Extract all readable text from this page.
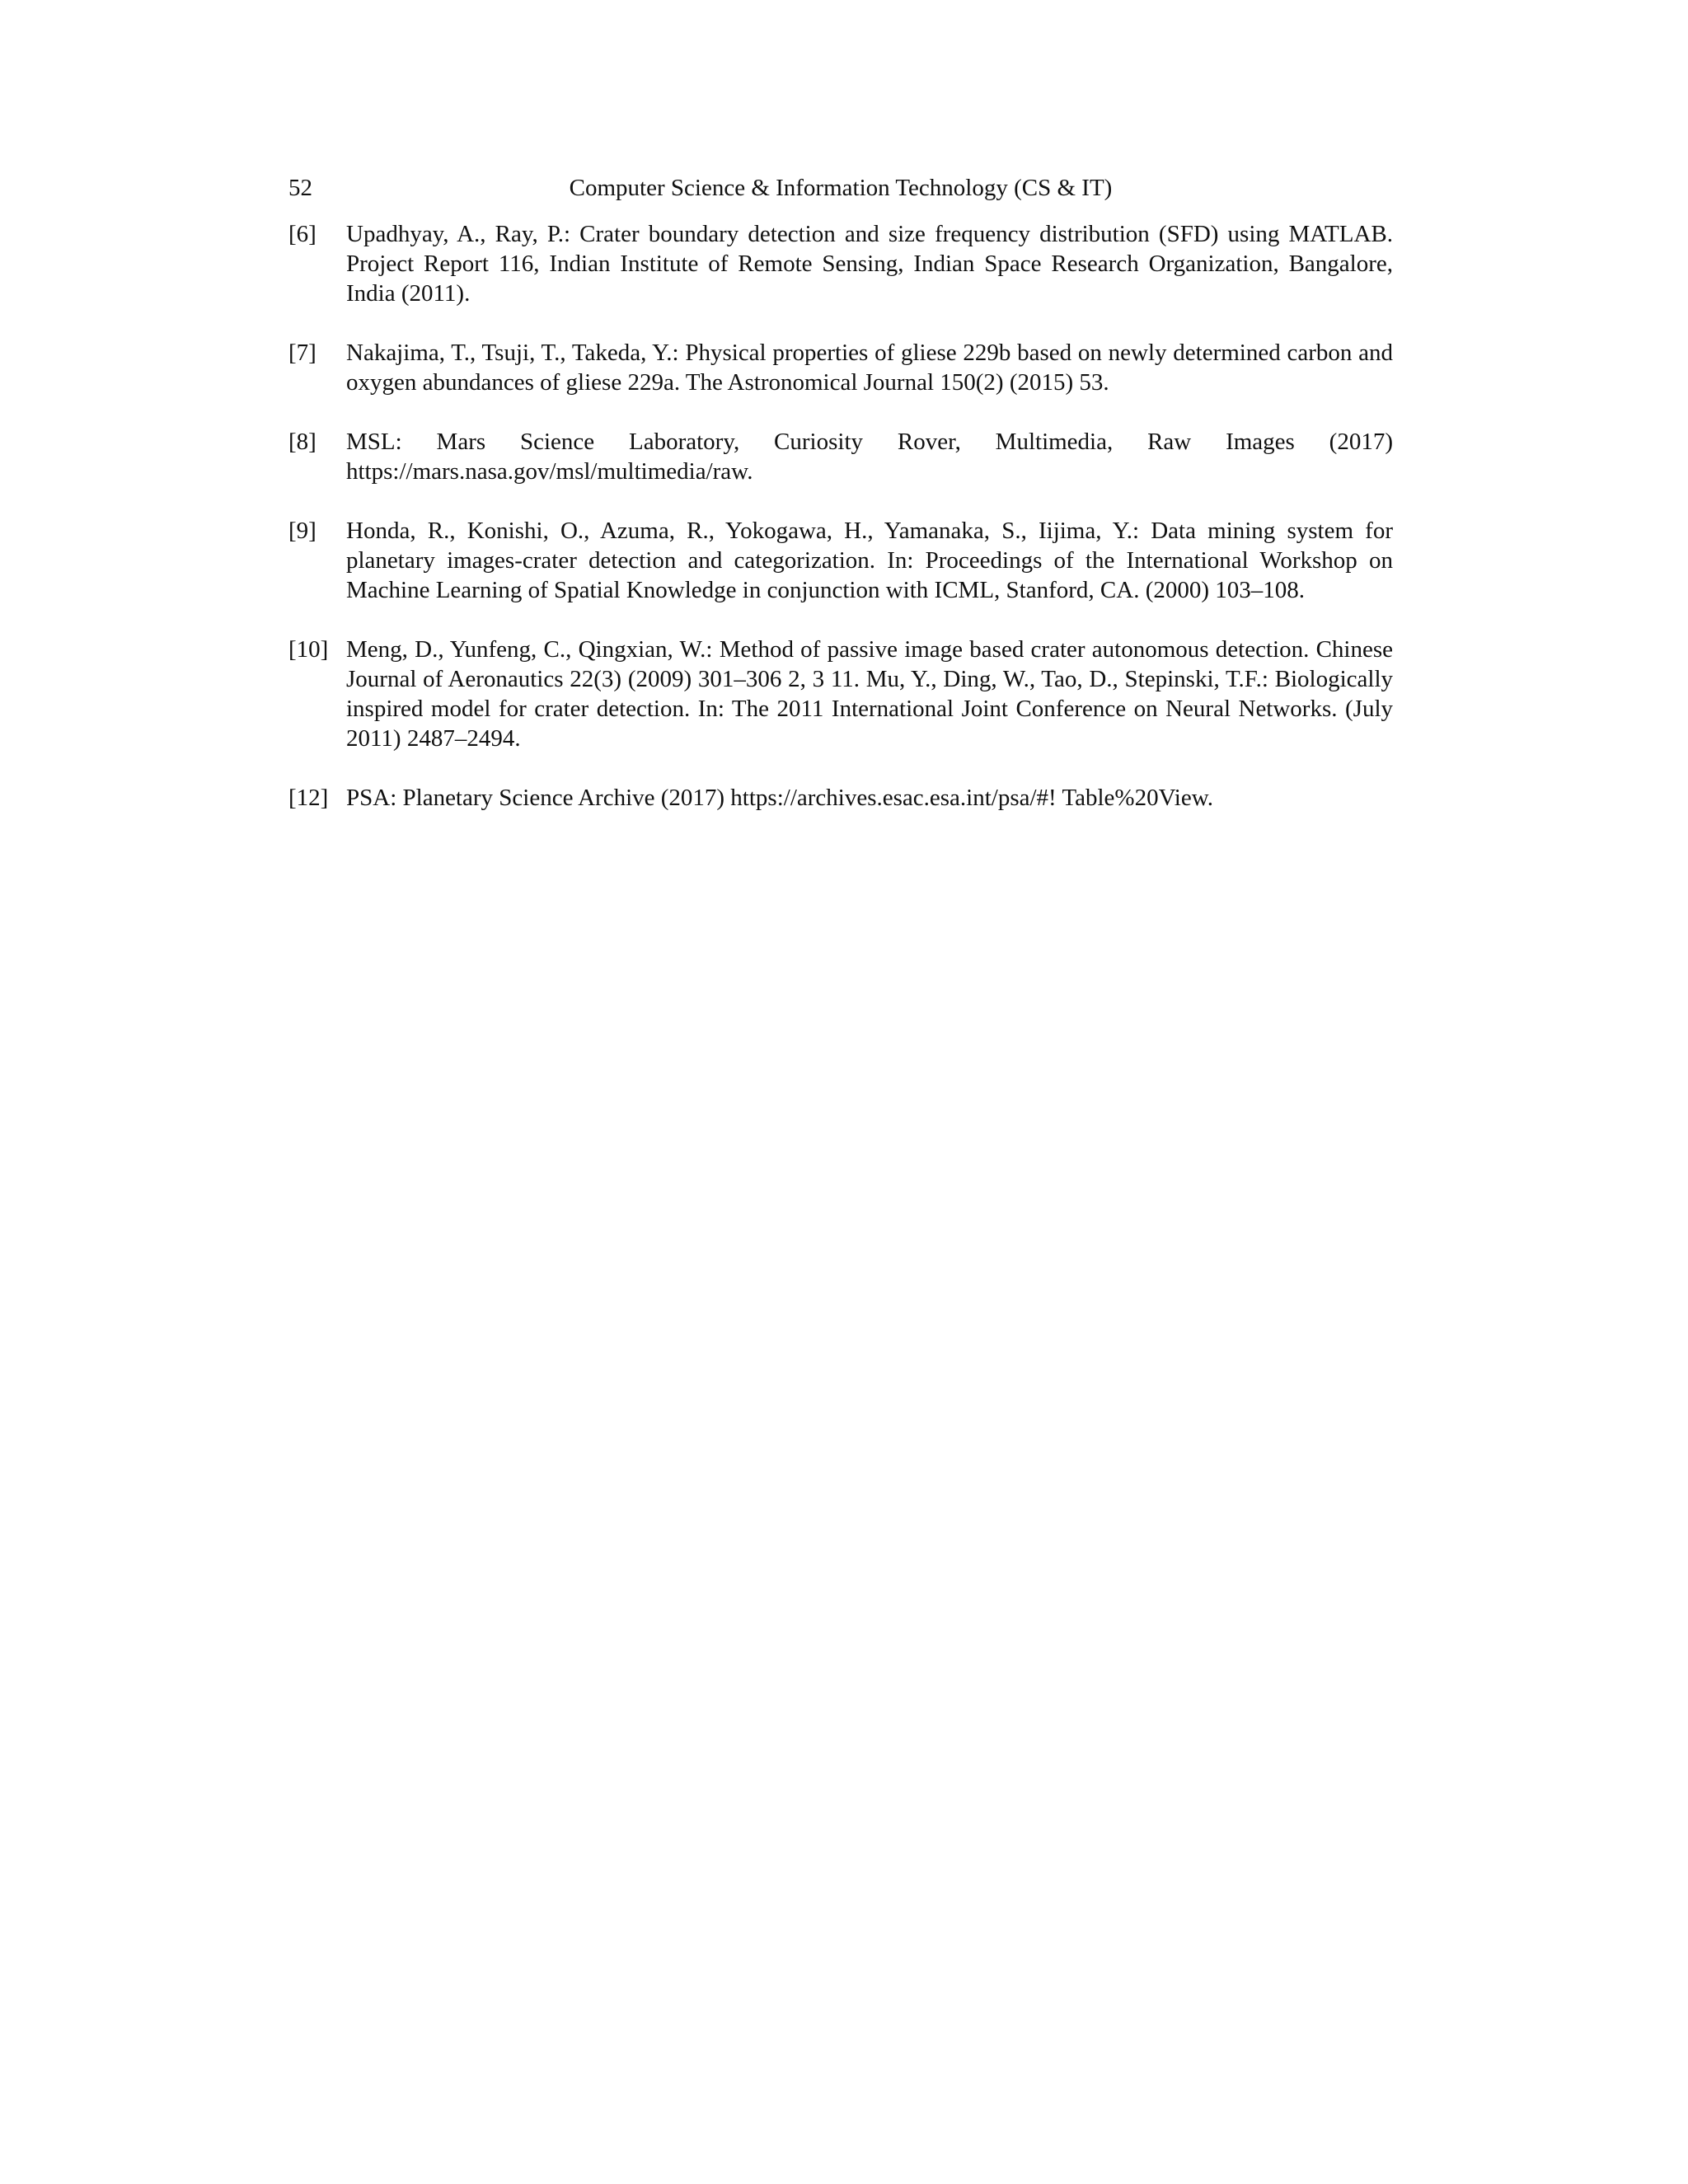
52	Computer Science & Information Technology (CS & IT)
[6] Upadhyay, A., Ray, P.: Crater boundary detection and size frequency distribution (SFD) using MATLAB. Project Report 116, Indian Institute of Remote Sensing, Indian Space Research Organization, Bangalore, India (2011).
[7] Nakajima, T., Tsuji, T., Takeda, Y.: Physical properties of gliese 229b based on newly determined carbon and oxygen abundances of gliese 229a. The Astronomical Journal 150(2) (2015) 53.
[8] MSL: Mars Science Laboratory, Curiosity Rover, Multimedia, Raw Images (2017) https://mars.nasa.gov/msl/multimedia/raw.
[9] Honda, R., Konishi, O., Azuma, R., Yokogawa, H., Yamanaka, S., Iijima, Y.: Data mining system for planetary images-crater detection and categorization. In: Proceedings of the International Workshop on Machine Learning of Spatial Knowledge in conjunction with ICML, Stanford, CA. (2000) 103–108.
[10] Meng, D., Yunfeng, C., Qingxian, W.: Method of passive image based crater autonomous detection. Chinese Journal of Aeronautics 22(3) (2009) 301–306 2, 3 11. Mu, Y., Ding, W., Tao, D., Stepinski, T.F.: Biologically inspired model for crater detection. In: The 2011 International Joint Conference on Neural Networks. (July 2011) 2487–2494.
[12] PSA: Planetary Science Archive (2017) https://archives.esac.esa.int/psa/#! Table%20View.
